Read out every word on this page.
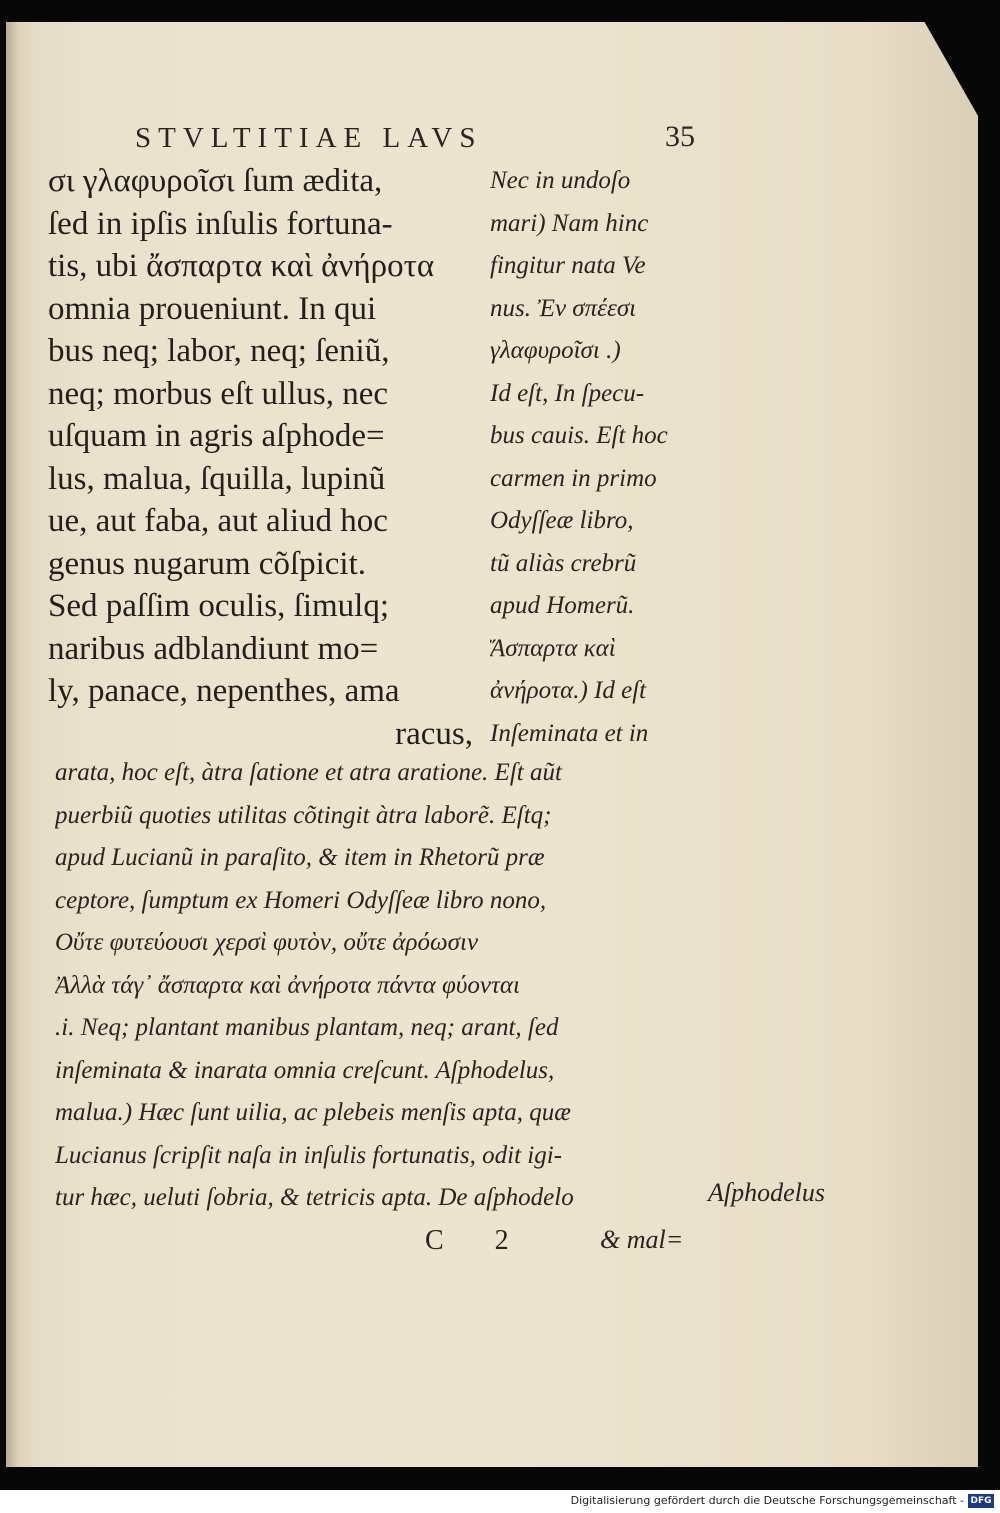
STVLTITIAE LAVS	35
σι γλαφυρoῖσι ſum ædita,
ſed in ipſis inſulis fortuna-
tis, ubi ἄσπαρτα καὶ ἀνήροτα
omnia proueniunt. In qui
bus neq; labor, neq; ſeniũ,
neq; morbus eſt ullus, nec
uſquam in agris aſphode=
lus, malua, ſquilla, lupinũ
ue, aut faba, aut aliud hoc
genus nugarum cõſpicit.
Sed paſſim oculis, ſimulq;
naribus adblandiunt mo=
ly, panace, nepenthes, ama
racus,
Nec in undoſo
mari) Nam hinc
fingitur nata Ve
nus. Ἐν σπέεσι
γλαφυροῖσι .)
Id eſt, In ſpecu-
bus cauis. Eſt hoc
carmen in primo
Odyſſeæ libro,
tũ aliàs crebrũ
apud Homerũ.
Ἄσπαρτα καὶ
ἀνήροτα.) Id eſt
Inſeminata et in
arata, hoc eſt, àtra ſatione et atra aratione. Eſt aũt
puerbiũ quoties utilitas cõtingit àtra laborẽ. Eſtq;
apud Lucianũ in paraſito, & item in Rhetorũ præ
ceptore, ſumptum ex Homeri Odyſſeæ libro nono,
Οὔτε φυτεύουσι χερσὶ φυτὸν, οὔτε ἀρόωσιν
Ἀλλὰ τάγ᾽ ἄσπαρτα καὶ ἀνήροτα πάντα φύονται
.i. Neq; plantant manibus plantam, neq; arant, ſed
inſeminata & inarata omnia creſcunt. Aſphodelus,
malua.) Hæc ſunt uilia, ac plebeis menſis apta, quæ
Lucianus ſcripſit naſa in inſulis fortunatis, odit igi-
tur hæc, ueluti ſobria, & tetricis apta. De aſphodelo	Aſphodelus
C 2	& mal=
Digitalisierung gefördert durch die Deutsche Forschungsgemeinschaft - DFG
